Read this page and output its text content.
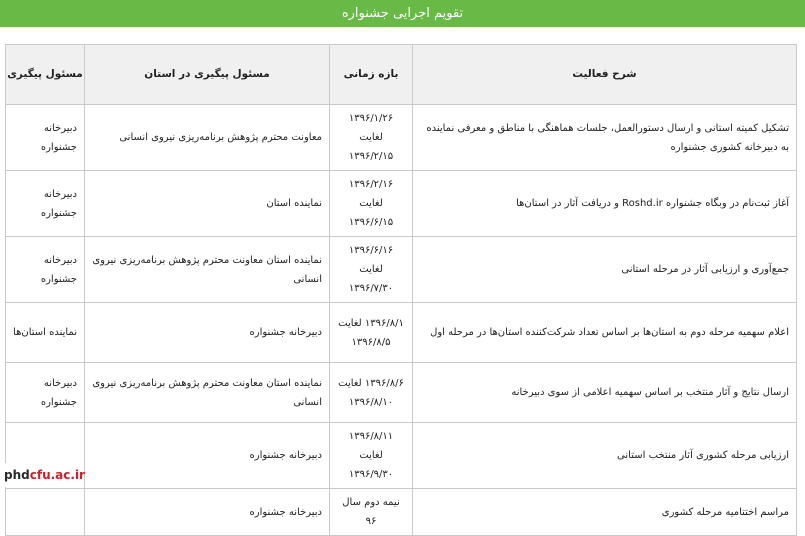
تقویم اجرایی جشنواره
شرح فعالیت	بازه زمانی	مسئول پیگیری در استان	مسئول پیگیری
تشکیل کمیته استانی و ارسال دستورالعمل، جلسات هماهنگی با مناطق و معرفی نماینده به دبیرخانه کشوری جشنواره	۱۳۹۶/۱/۲۶ لغایت ۱۳۹۶/۲/۱۵	معاونت محترم پژوهش برنامه‌ریزی نیروی انسانی	دبیرخانه جشنواره
آغاز ثبت‌نام در وبگاه جشنواره Roshd.ir و دریافت آثار در استان‌ها	۱۳۹۶/۲/۱۶ لغایت ۱۳۹۶/۶/۱۵	نماینده استان	دبیرخانه جشنواره
جمع‌آوری و ارزیابی آثار در مرحله استانی	۱۳۹۶/۶/۱۶ لغایت ۱۳۹۶/۷/۳۰	نماینده استان معاونت محترم پژوهش برنامه‌ریزی نیروی انسانی	دبیرخانه جشنواره
اعلام سهمیه مرحله دوم به استان‌ها بر اساس تعداد شرکت‌کننده استان‌ها در مرحله اول	۱۳۹۶/۸/۱ لغایت ۱۳۹۶/۸/۵	دبیرخانه جشنواره	نماینده استان‌ها
ارسال نتایج و آثار منتخب بر اساس سهمیه اعلامی از سوی دبیرخانه	۱۳۹۶/۸/۶ لغایت ۱۳۹۶/۸/۱۰	نماینده استان معاونت محترم پژوهش برنامه‌ریزی نیروی انسانی	دبیرخانه جشنواره
ارزیابی مرحله کشوری آثار منتخب استانی	۱۳۹۶/۸/۱۱ لغایت ۱۳۹۶/۹/۳۰	دبیرخانه جشنواره	
مراسم اختتامیه مرحله کشوری	نیمه دوم سال ۹۶	دبیرخانه جشنواره	
phd cfu.ac.ir
